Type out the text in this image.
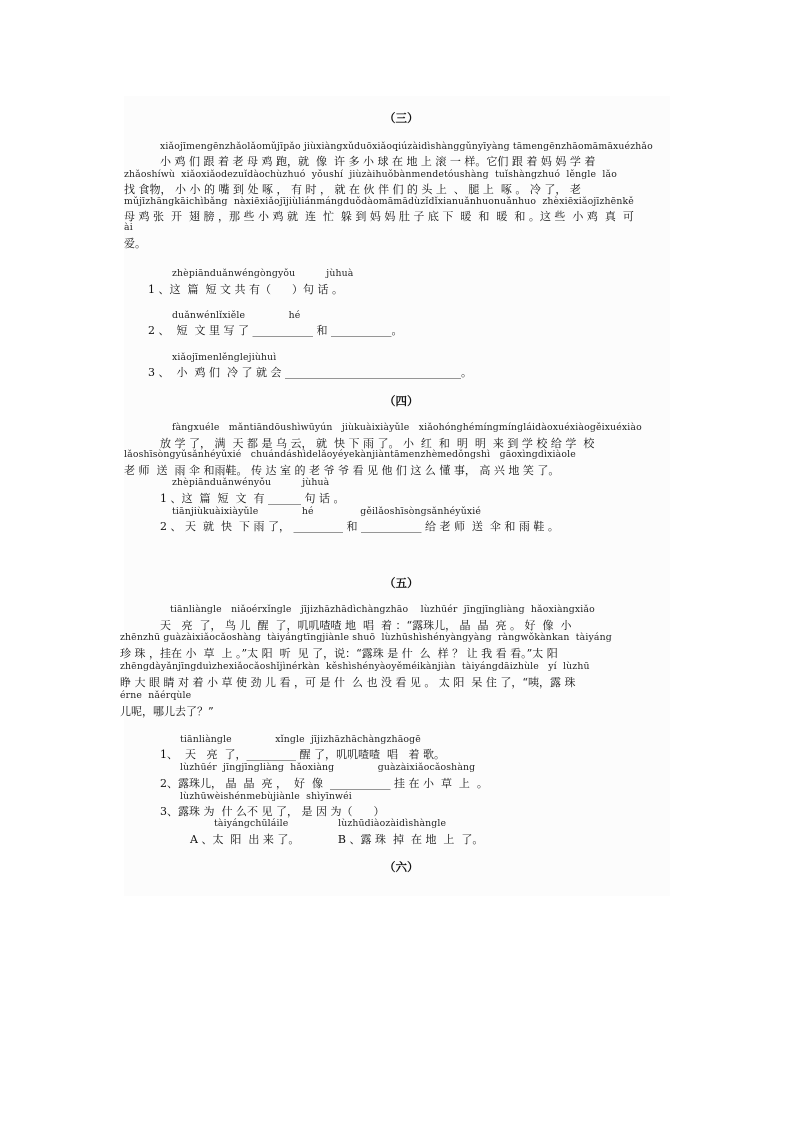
（三）
xiǎojīmengēnzhǎolǎomǔjīpǎo jiùxiàngxǔduōxiǎoqiúzàidìshànggǔnyīyàng tāmengēnzhāomāmāxuézhǎo
小 鸡 们 跟 着 老 母 鸡 跑，就  像  许 多 小 球 在 地 上 滚 一 样。它们 跟 着 妈 妈 学 着
zhǎoshíwù  xiǎoxiǎodezuǐdàochùzhuó  yǒushí  jiùzàihuǒbànmendetóushàng  tuǐshàngzhuó  lěngle  lǎo
找 食物， 小 小 的 嘴 到 处 啄 ， 有 时 ， 就 在 伙 伴 们 的 头 上  、 腿 上  啄 。 冷 了， 老
mǔjīzhāngkāichìbǎng  nàxiēxiǎojījiùliánmángduǒdàomāmādùzǐdǐxianuǎnhuonuǎnhuo  zhèxiēxiǎojīzhēnkě
母 鸡 张  开  翅 膀 ，那 些 小 鸡 就  连  忙  躲 到 妈 妈 肚 子 底 下  暖  和  暖  和 。这 些  小 鸡  真  可
ài
爱。
zhèpiānduǎnwéngòngyǒu          jùhuà
1 、这  篇  短 文 共 有（      ）句 话 。
duǎnwénlǐxiěle              hé
2 、  短  文 里 写 了 ___________ 和 ___________。
xiǎojīmenlěnglejiùhuì
3 、  小  鸡 们  冷 了 就 会 ________________________________。
（四）
fàngxuéle   mǎntiāndōushìwūyún   jiùkuàixiàyǔle   xiǎohónghémíngmíngláidàoxuéxiàogěixuéxiào
放 学 了， 满  天 都 是 乌 云， 就  快 下 雨 了。 小  红  和  明  明  来 到 学 校 给 学  校
lǎoshīsòngyǔsǎnhéyǔxié   chuándáshìdelǎoyéyekànjiàntāmenzhèmedǒngshì   gāoxìngdìxiàole
老 师  送  雨 伞 和雨鞋。 传 达 室 的 老 爷 爷 看 见 他 们 这 么 懂 事， 高 兴 地 笑 了。
zhèpiānduǎnwényǒu          jùhuà
1 、这  篇  短  文  有 ______ 句 话 。
tiānjiùkuàixiàyǔle              hé               gěilǎoshīsòngsǎnhéyǔxié
2 、 天  就  快  下 雨 了， _________ 和 ___________ 给 老 师  送  伞 和 雨 鞋 。
（五）
tiānliàngle   niǎoérxǐngle   jījizhāzhādìchàngzhāo    lùzhūér  jīngjīngliàng  hǎoxiàngxiǎo
天   亮  了， 鸟 儿  醒  了，叽叽喳喳 地  唱  着 ：“露珠儿， 晶  晶  亮 。 好  像  小
zhēnzhū guàzàixiǎocǎoshàng  tàiyángtīngjiànle shuō  lùzhūshìshényàngyàng  ràngwǒkànkan  tàiyáng
珍 珠 ，挂在 小  草  上 。”太 阳  听  见 了，说：“露珠 是 什  么  样 ？ 让 我 看 看。”太 阳
zhēngdàyǎnjīngduìzhexiǎocǎoshǐjìnérkàn  kěshìshényàoyěméikànjiàn  tàiyángdāizhùle   yí  lùzhū
睁 大 眼 睛 对 着 小 草 使 劲 儿 看 ，可 是 什  么 也 没 看 见 。 太 阳  呆 住 了，“咦，露 珠
érne  nǎérqùle
儿呢，哪儿去了？”
tiānliàngle              xǐngle  jījizhāzhāchàngzhāogē
1、  天   亮  了，_________ 醒 了，叽叽喳喳  唱   着 歌。
lùzhūér  jīngjīngliàng  hǎoxiàng              guàzàixiǎocǎoshàng
2、露珠儿， 晶  晶  亮 ，  好  像  ___________ 挂 在 小  草  上  。
lùzhūwèishénmebùjiànle  shìyīnwéi
3、露珠 为  什 么不 见 了， 是 因 为（      ）
tàiyángchūláile                lùzhūdiàozàidìshàngle
A 、太  阳  出 来 了。           B 、露 珠  掉  在 地  上  了。
（六）
